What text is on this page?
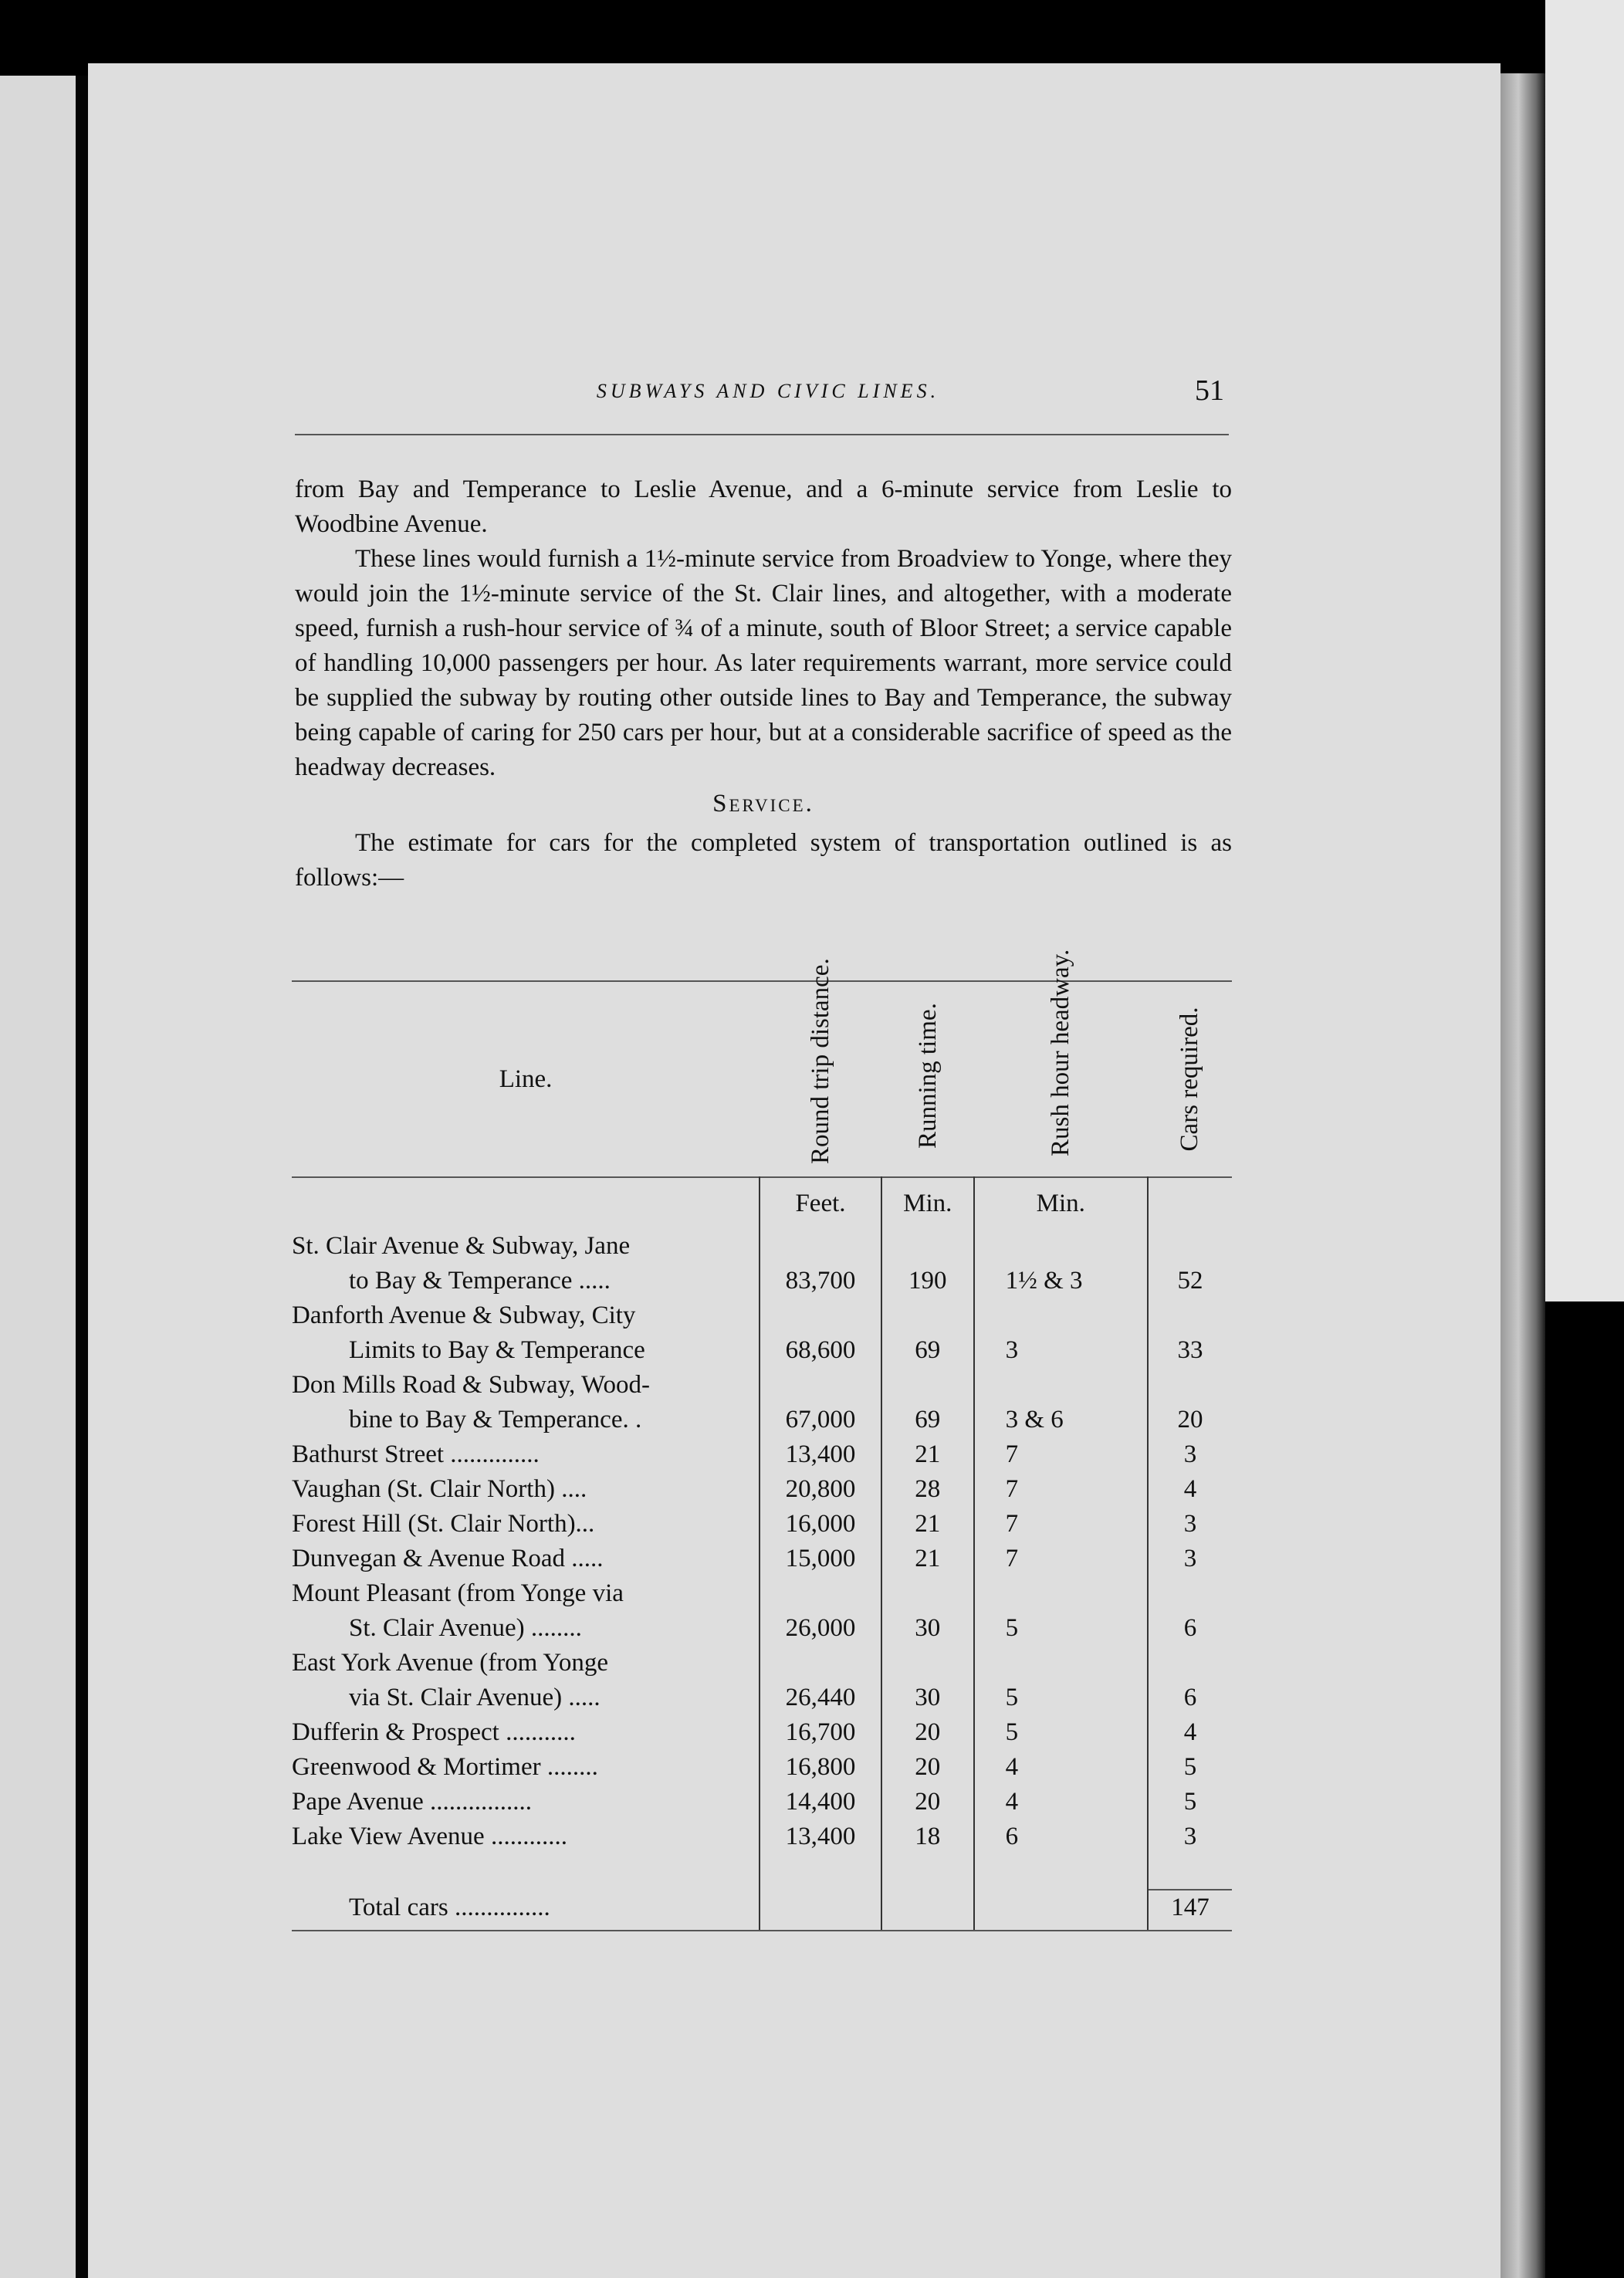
SUBWAYS AND CIVIC LINES.	51

from Bay and Temperance to Leslie Avenue, and a 6-minute service from Leslie to Woodbine Avenue.

These lines would furnish a 1½-minute service from Broadview to Yonge, where they would join the 1½-minute service of the St. Clair lines, and altogether, with a moderate speed, furnish a rush-hour service of ¾ of a minute, south of Bloor Street; a service capable of handling 10,000 passengers per hour. As later requirements warrant, more service could be supplied the subway by routing other outside lines to Bay and Temperance, the subway being capable of caring for 250 cars per hour, but at a considerable sacrifice of speed as the headway decreases.

Service.

The estimate for cars for the completed system of transportation outlined is as follows:—

Line.	Round trip distance.	Running time.	Rush hour headway.	Cars required.

	Feet.	Min.	Min.	

St. Clair Avenue & Subway, Jane
to Bay & Temperance .....	83,700	190	1½ & 3	52

Danforth Avenue & Subway, City
Limits to Bay & Temperance	68,600	69	3	33

Don Mills Road & Subway, Wood-
bine to Bay & Temperance. .	67,000	69	3 & 6	20

Bathurst Street ..............	13,400	21	7	3

Vaughan (St. Clair North) ....	20,800	28	7	4

Forest Hill (St. Clair North)...	16,000	21	7	3

Dunvegan & Avenue Road .....	15,000	21	7	3

Mount Pleasant (from Yonge via
St. Clair Avenue) ........	26,000	30	5	6

East York Avenue (from Yonge
via St. Clair Avenue) .....	26,440	30	5	6

Dufferin & Prospect ...........	16,700	20	5	4

Greenwood & Mortimer ........	16,800	20	4	5

Pape Avenue ................	14,400	20	4	5

Lake View Avenue ............	13,400	18	6	3
Total cars ...............				147
